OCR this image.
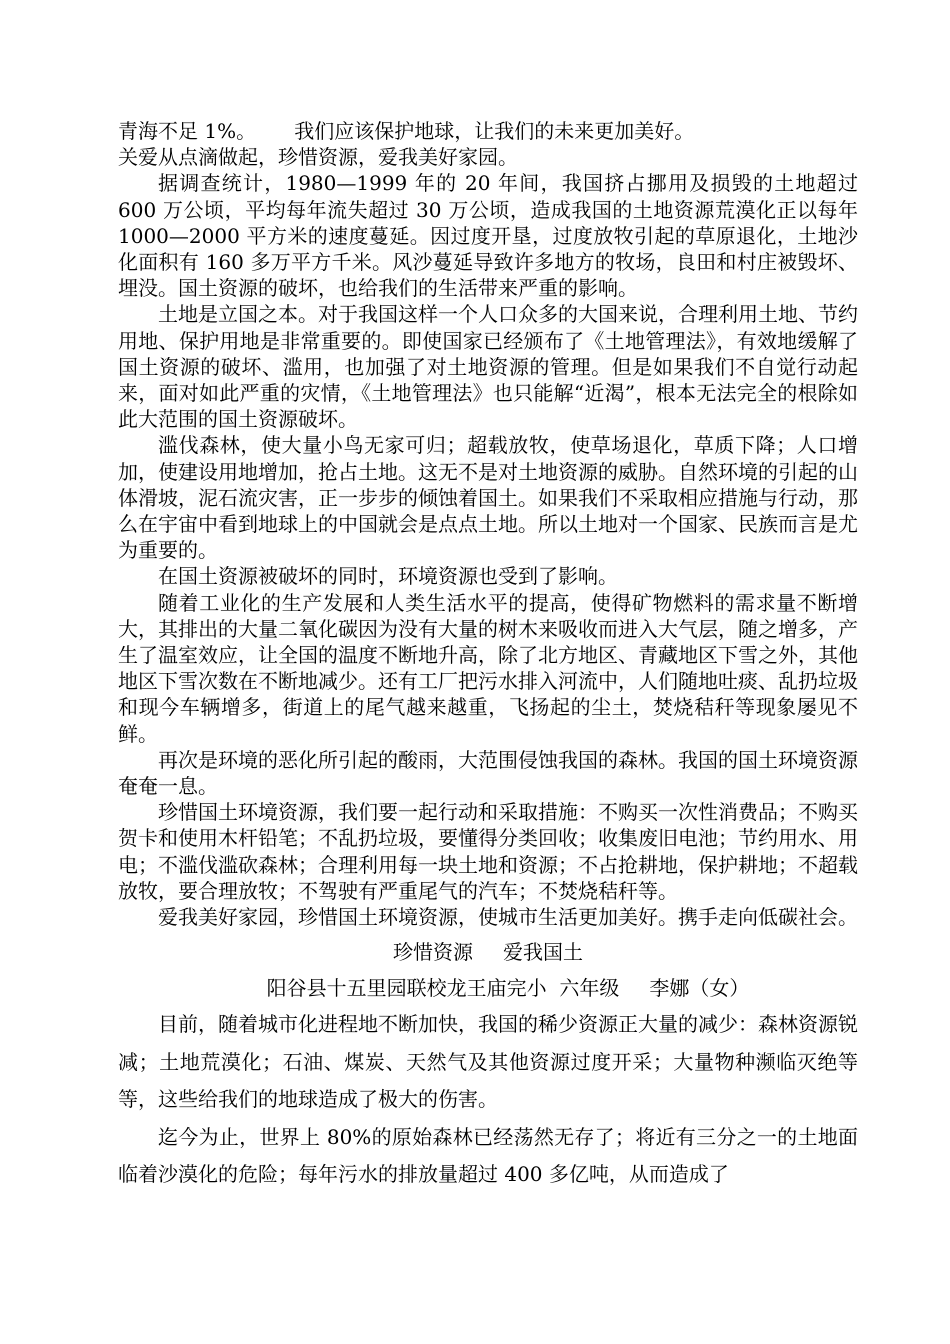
青海不足 1%。      我们应该保护地球，让我们的未来更加美好。

关爱从点滴做起，珍惜资源，爱我美好家园。

据调查统计，1980—1999 年的 20 年间，我国挤占挪用及损毁的土地超过 600 万公顷，平均每年流失超过 30 万公顷，造成我国的土地资源荒漠化正以每年 1000—2000 平方米的速度蔓延。因过度开垦，过度放牧引起的草原退化，土地沙化面积有 160 多万平方千米。风沙蔓延导致许多地方的牧场，良田和村庄被毁坏、埋没。国土资源的破坏，也给我们的生活带来严重的影响。

土地是立国之本。对于我国这样一个人口众多的大国来说，合理利用土地、节约用地、保护用地是非常重要的。即使国家已经颁布了《土地管理法》，有效地缓解了国土资源的破坏、滥用，也加强了对土地资源的管理。但是如果我们不自觉行动起来，面对如此严重的灾情，《土地管理法》也只能解“近渴”，根本无法完全的根除如此大范围的国土资源破坏。

滥伐森林，使大量小鸟无家可归；超载放牧，使草场退化，草质下降；人口增加，使建设用地增加，抢占土地。这无不是对土地资源的威胁。自然环境的引起的山体滑坡，泥石流灾害，正一步步的倾蚀着国土。如果我们不采取相应措施与行动，那么在宇宙中看到地球上的中国就会是点点土地。所以土地对一个国家、民族而言是尤为重要的。

在国土资源被破坏的同时，环境资源也受到了影响。

随着工业化的生产发展和人类生活水平的提高，使得矿物燃料的需求量不断增大，其排出的大量二氧化碳因为没有大量的树木来吸收而进入大气层，随之增多，产生了温室效应，让全国的温度不断地升高，除了北方地区、青藏地区下雪之外，其他地区下雪次数在不断地减少。还有工厂把污水排入河流中，人们随地吐痰、乱扔垃圾和现今车辆增多，街道上的尾气越来越重，飞扬起的尘土，焚烧秸秆等现象屡见不鲜。

再次是环境的恶化所引起的酸雨，大范围侵蚀我国的森林。我国的国土环境资源奄奄一息。

珍惜国土环境资源，我们要一起行动和采取措施：不购买一次性消费品；不购买贺卡和使用木杆铅笔；不乱扔垃圾，要懂得分类回收；收集废旧电池；节约用水、用电；不滥伐滥砍森林；合理利用每一块土地和资源；不占抢耕地，保护耕地；不超载放牧，要合理放牧；不驾驶有严重尾气的汽车；不焚烧秸秆等。

爱我美好家园，珍惜国土环境资源，使城市生活更加美好。携手走向低碳社会。

珍惜资源 爱我国土

阳谷县十五里园联校龙王庙完小  六年级 李娜（女）

目前，随着城市化进程地不断加快，我国的稀少资源正大量的减少：森林资源锐减；土地荒漠化；石油、煤炭、天然气及其他资源过度开采；大量物种濒临灭绝等等，这些给我们的地球造成了极大的伤害。

迄今为止，世界上 80%的原始森林已经荡然无存了；将近有三分之一的土地面临着沙漠化的危险；每年污水的排放量超过 400 多亿吨，从而造成了
